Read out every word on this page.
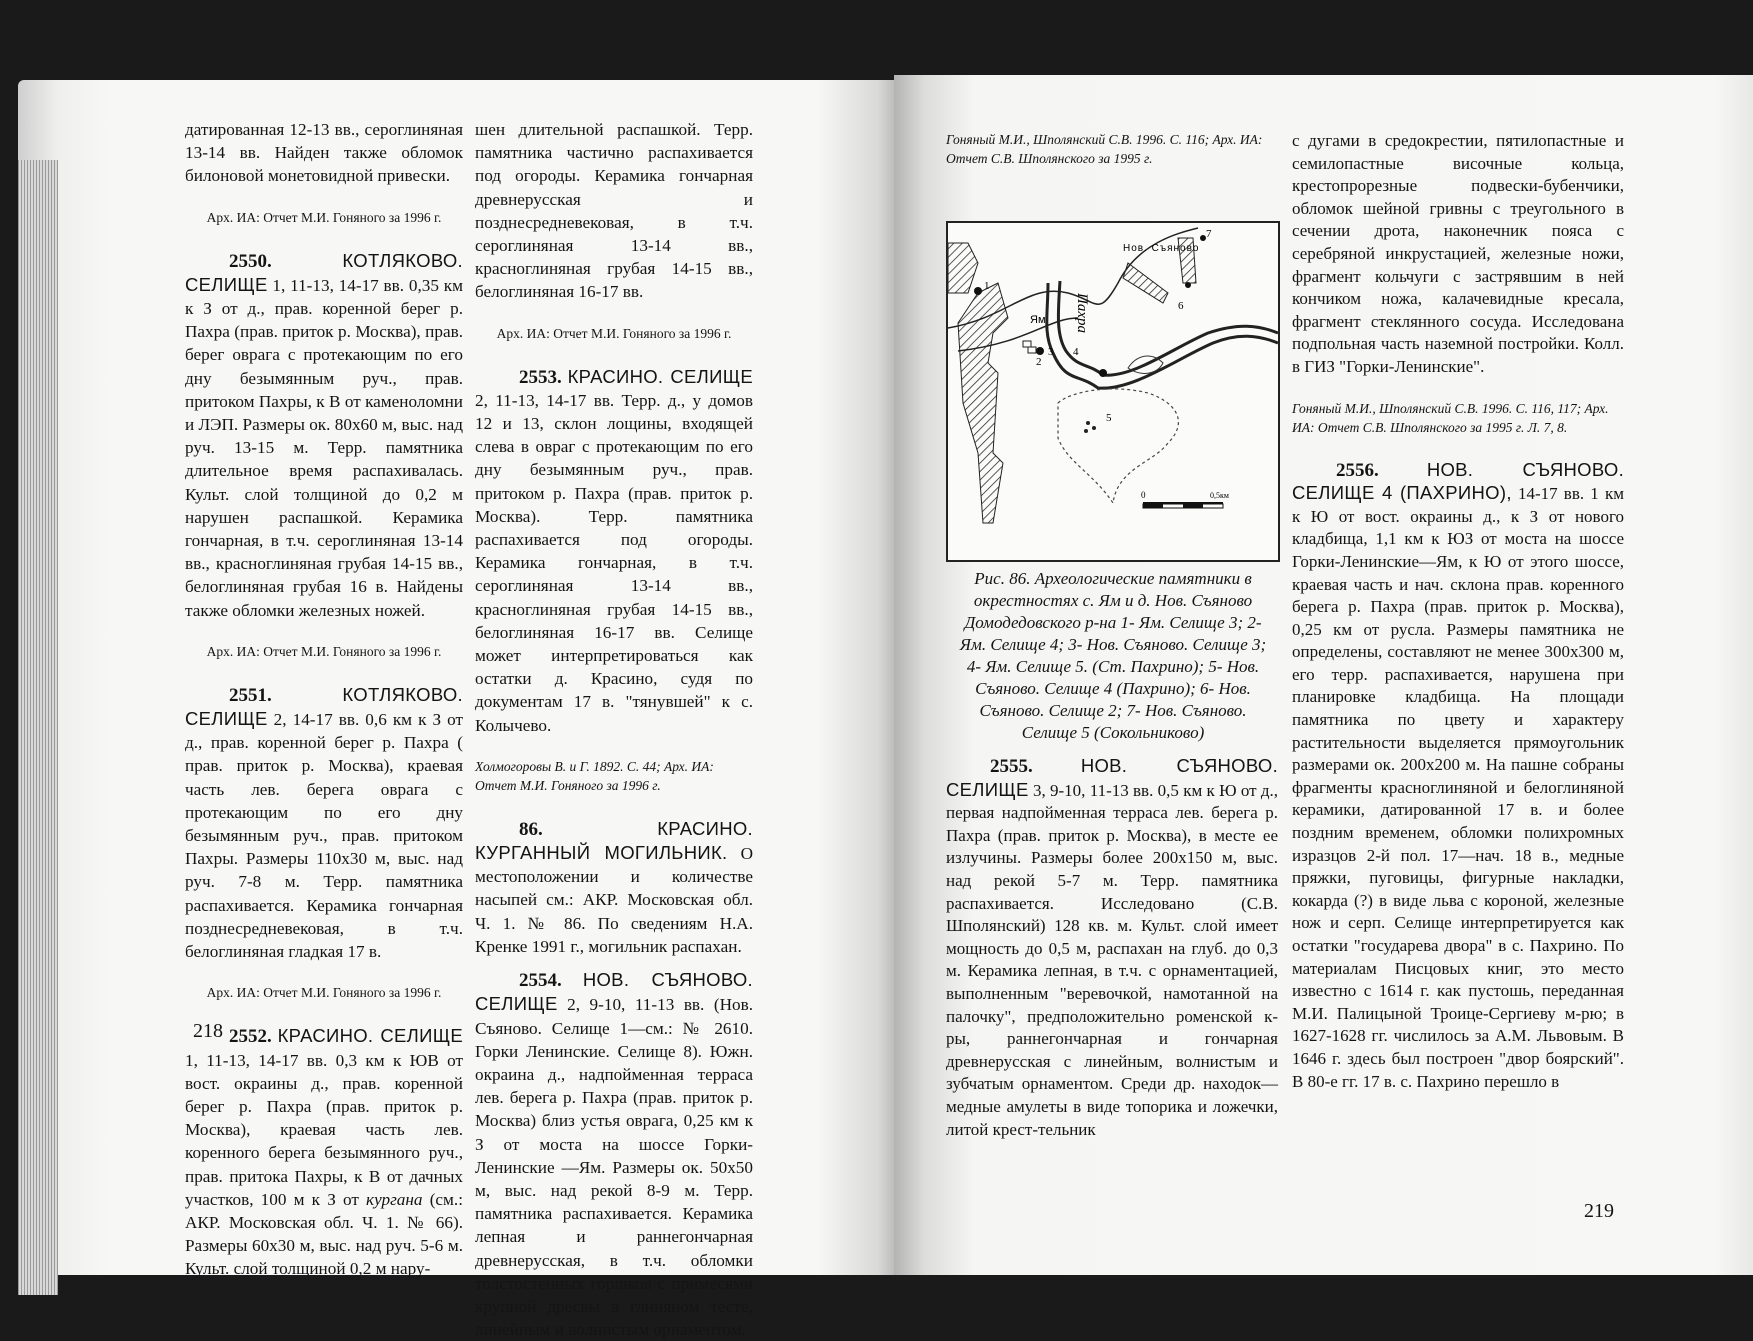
датированная 12-13 вв., сероглиняная 13-14 вв. Найден также обломок билоновой монетовидной привески.

Арх. ИА: Отчет М.И. Гоняного за 1996 г.

2550.	КОТЛЯКОВО. СЕЛИЩЕ 1, 11-13, 14-17 вв. 0,35 км к З от д., прав. коренной берег р. Пахра (прав. приток р. Москва), прав. берег оврага с протекающим по его дну безымянным руч., прав. притоком Пахры, к В от каменоломни и ЛЭП. Размеры ок. 80х60 м, выс. над руч. 13-15 м. Терр. памятника длительное время распахивалась. Культ. слой толщиной до 0,2 м нарушен распашкой. Керамика гончарная, в т.ч. сероглиняная 13-14 вв., красноглиняная грубая 14-15 вв., белоглиняная грубая 16 в. Найдены также обломки железных ножей.

Арх. ИА: Отчет М.И. Гоняного за 1996 г.

2551.	КОТЛЯКОВО. СЕЛИЩЕ 2, 14-17 вв. 0,6 км к З от д., прав. коренной берег р. Пахра ( прав. приток р. Москва), краевая часть лев. берега оврага с протекающим по его дну безымянным руч., прав. притоком Пахры. Размеры 110х30 м, выс. над руч. 7-8 м. Терр. памятника распахивается. Керамика гончарная позднесредневековая, в т.ч. белоглиняная гладкая 17 в.

Арх. ИА: Отчет М.И. Гоняного за 1996 г.

2552. КРАСИНО. СЕЛИЩЕ 1, 11-13, 14-17 вв. 0,3 км к ЮВ от вост. окраины д., прав. коренной берег р. Пахра (прав. приток р. Москва), краевая часть лев. коренного берега безымянного руч., прав. притока Пахры, к В от дачных участков, 100 м к З от кургана (см.: АКР. Московская обл. Ч. 1. № 66). Размеры 60х30 м, выс. над руч. 5-6 м. Культ. слой толщиной 0,2 м нару-

шен длительной распашкой. Терр. памятника частично распахивается под огороды. Керамика гончарная древнерусская и позднесредневековая, в т.ч. сероглиняная 13-14 вв., красноглиняная грубая 14-15 вв., белоглиняная 16-17 вв.

Арх. ИА: Отчет М.И. Гоняного за 1996 г.

2553. КРАСИНО. СЕЛИЩЕ 2, 11-13, 14-17 вв. Терр. д., у домов 12 и 13, склон лощины, входящей слева в овраг с протекающим по его дну безымянным руч., прав. притоком р. Пахра (прав. приток р. Москва). Терр. памятника распахивается под огороды. Керамика гончарная, в т.ч. сероглиняная 13-14 вв., красноглиняная грубая 14-15 вв., белоглиняная 16-17 вв. Селище может интерпретироваться как остатки д. Красино, судя по документам 17 в. "тянувшей" к с. Колычево.

Холмогоровы В. и Г. 1892. С. 44; Арх. ИА: Отчет М.И. Гоняного за 1996 г.

86.	КРАСИНО. КУРГАННЫЙ МОГИЛЬНИК. О местоположении и количестве насыпей см.: АКР. Московская обл. Ч. 1. № 86. По сведениям Н.А. Кренке 1991 г., могильник распахан.

2554. НОВ. СЪЯНОВО. СЕЛИЩЕ 2, 9-10, 11-13 вв. (Нов. Съяново. Селище 1—см.: № 2610. Горки Ленинские. Селище 8). Южн. окраина д., надпойменная терраса лев. берега р. Пахра (прав. приток р. Москва) близ устья оврага, 0,25 км к З от моста на шоссе Горки-Ленинские —Ям. Размеры ок. 50х50 м, выс. над рекой 8-9 м. Терр. памятника распахивается. Керамика лепная и раннегончарная древнерусская, в т.ч. обломки толстостенных горшков с примесями крупной дресвы в глиняном тесте, линейным и волнистым орнаментом.

218

Гоняный М.И., Шполянский С.В. 1996. С. 116; Арх. ИА: Отчет С.В. Шполянского за 1995 г.

0	0,5км
Пахра
Ям
Нов. Съяново
1
2
3 4
5
6
7
Рис. 86. Археологические памятники в окрестностях с. Ям и д. Нов. Съяново Домодедовского р-на 1- Ям. Селище 3; 2- Ям. Селище 4; 3- Нов. Съяново. Селище 3; 4- Ям. Селище 5. (Ст. Пахрино); 5- Нов. Съяново. Селище 4 (Пахрино); 6- Нов. Съяново. Селище 2; 7- Нов. Съяново. Селище 5 (Сокольниково)

2555.	НОВ. СЪЯНОВО. СЕЛИЩЕ 3, 9-10, 11-13 вв. 0,5 км к Ю от д., первая надпойменная терраса лев. берега р. Пахра (прав. приток р. Москва), в месте ее излучины. Размеры более 200х150 м, выс. над рекой 5-7 м. Терр. памятника распахивается. Исследовано (С.В. Шполянский) 128 кв. м. Культ. слой имеет мощность до 0,5 м, распахан на глуб. до 0,3 м. Керамика лепная, в т.ч. с орнаментацией, выполненным "веревочкой, намотанной на палочку", предположительно роменской к-ры, раннегончарная и гончарная древнерусская с линейным, волнистым и зубчатым орнаментом. Среди др. находок—медные амулеты в виде топорика и ложечки, литой крест-тельник

с дугами в средокрестии, пятилопастные и семилопастные височные кольца, крестопрорезные подвески-бубенчики, обломок шейной гривны с треугольного в сечении дрота, наконечник пояса с серебряной инкрустацией, железные ножи, фрагмент кольчуги с застрявшим в ней кончиком ножа, калачевидные кресала, фрагмент стеклянного сосуда. Исследована подпольная часть наземной постройки. Колл. в ГИЗ "Горки-Ленинские".

Гоняный М.И., Шполянский С.В. 1996. С. 116, 117; Арх. ИА: Отчет С.В. Шполянского за 1995 г. Л. 7, 8.

2556.	НОВ. СЪЯНОВО. СЕЛИЩЕ 4 (ПАХРИНО), 14-17 вв. 1 км к Ю от вост. окраины д., к З от нового кладбища, 1,1 км к ЮЗ от моста на шоссе Горки-Ленинские—Ям, к Ю от этого шоссе, краевая часть и нач. склона прав. коренного берега р. Пахра (прав. приток р. Москва), 0,25 км от русла. Размеры памятника не определены, составляют не менее 300х300 м, его терр. распахивается, нарушена при планировке кладбища. На площади памятника по цвету и характеру растительности выделяется прямоугольник размерами ок. 200х200 м. На пашне собраны фрагменты красноглиняной и белоглиняной керамики, датированной 17 в. и более поздним временем, обломки полихромных изразцов 2-й пол. 17—нач. 18 в., медные пряжки, пуговицы, фигурные накладки, кокарда (?) в виде льва с короной, железные нож и серп. Селище интерпретируется как остатки "государева двора" в с. Пахрино. По материалам Писцовых книг, это место известно с 1614 г. как пустошь, переданная М.И. Палицыной Троице-Сергиеву м-рю; в 1627-1628 гг. числилось за А.М. Львовым. В 1646 г. здесь был построен "двор боярский". В 80-е гг. 17 в. с. Пахрино перешло в

219
